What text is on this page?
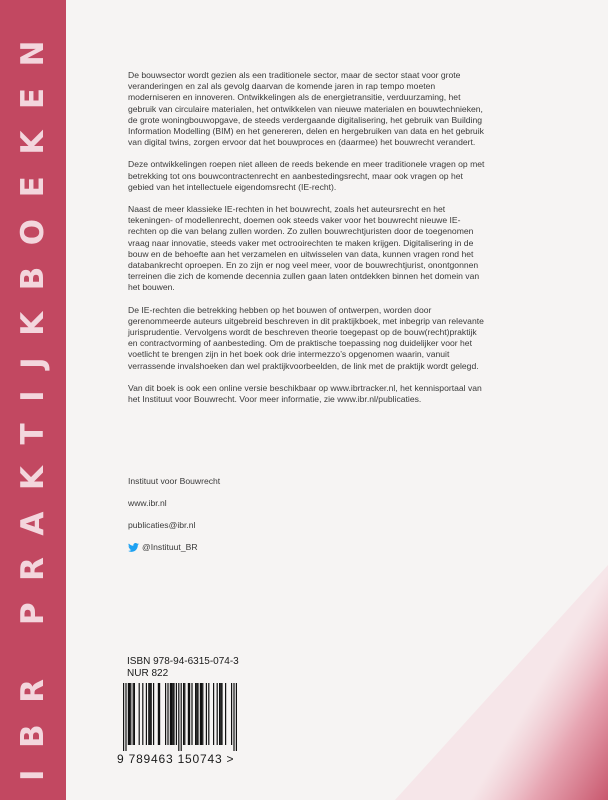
IBR PRAKTIJKBOEKEN	De bouwsector wordt gezien als een traditionele sector, maar de sector staat voor grote veranderingen en zal als gevolg daarvan de komende jaren in rap tempo moeten moderniseren en innoveren. Ontwikkelingen als de energietransitie, verduurzaming, het gebruik van circulaire materialen, het ontwikkelen van nieuwe materialen en bouwtechnieken, de grote woningbouwopgave, de steeds verdergaande digitalisering, het gebruik van Building Information Modelling (BIM) en het genereren, delen en hergebruiken van data en het gebruik van digital twins, zorgen ervoor dat het bouwproces en (daarmee) het bouwrecht verandert.

Deze ontwikkelingen roepen niet alleen de reeds bekende en meer traditionele vragen op met betrekking tot ons bouwcontractenrecht en aanbestedingsrecht, maar ook vragen op het gebied van het intellectuele eigendomsrecht (IE-recht).

Naast de meer klassieke IE-rechten in het bouwrecht, zoals het auteursrecht en het tekeningen- of modellenrecht, doemen ook steeds vaker voor het bouwrecht nieuwe IE-rechten op die van belang zullen worden. Zo zullen bouwrechtjuristen door de toegenomen vraag naar innovatie, steeds vaker met octrooirechten te maken krijgen. Digitalisering in de bouw en de behoefte aan het verzamelen en uitwisselen van data, kunnen vragen rond het databankrecht oproepen. En zo zijn er nog veel meer, voor de bouwrechtjurist, onontgonnen terreinen die zich de komende decennia zullen gaan laten ontdekken binnen het domein van het bouwen.

De IE-rechten die betrekking hebben op het bouwen of ontwerpen, worden door gerenommeerde auteurs uitgebreid beschreven in dit praktijkboek, met inbegrip van relevante jurisprudentie. Vervolgens wordt de beschreven theorie toegepast op de bouw(recht)praktijk en contractvorming of aanbesteding. Om de praktische toepassing nog duidelijker voor het voetlicht te brengen zijn in het boek ook drie intermezzo’s opgenomen waarin, vanuit verrassende invalshoeken dan wel praktijkvoorbeelden, de link met de praktijk wordt gelegd.

Van dit boek is ook een online versie beschikbaar op www.ibrtracker.nl, het kennisportaal van het Instituut voor Bouwrecht. Voor meer informatie, zie www.ibr.nl/publicaties.

Instituut voor Bouwrecht
www.ibr.nl
publicaties@ibr.nl
@Instituut_BR
ISBN 978-94-6315-074-3
NUR 822
9 789463 150743 >
